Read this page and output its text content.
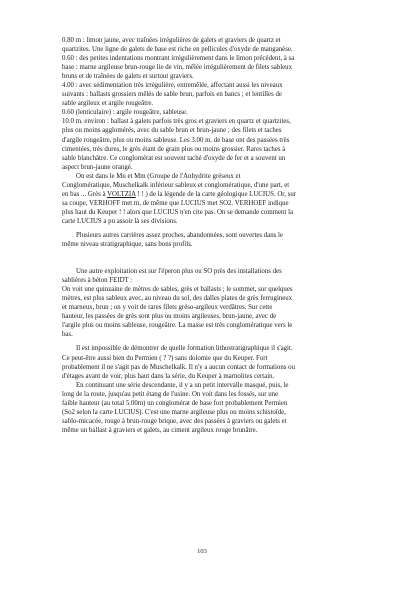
0.80 m : limon jaune, avec traînées irrégulières de galets et graviers de quartz et
quartzites. Une ligne de galets de base est riche en pellicules d'oxyde de manganèse.
0.60 : des petites indentations montrant irrégulièrement dans le limon précédent, à sa
base : marne argileuse brun-rouge lie de vin, mêlée irrégulièrement de filets sableux
bruns et de traînées de galets et surtout graviers.
4.00 : avec sédimentation très irrégulière, entremêlée, affectant aussi les niveaux
suivants : ballasts grossiers mêlés de sable brun, parfois en bancs ; et lentilles de
sable argileux et argile rougeâtre.
0.60 (lenticulaire) : argile rougeâtre, sableuse.
10.0 m. environ : ballast à galets parfois très gros et graviers en quartz et quartzites,
plus ou moins agglomérés, avec du sable brun et brun-jaune ; des filets et taches
d'argile rougeâtre, plus ou moins sableuse. Les 3.00 m. de base ont des passées très
cimentées, très dures, le grès étant de grain plus ou moins grossier. Rares taches à
sable blanchâtre. Ce conglomérat est souvent taché d'oxyde de fer et a souvent un
aspect brun-jaune orangé.
On est dans le Mu et Mm (Groupe de l'Anhydrite gréseux et
Conglomératique, Muschelkalk inférieur sableux et conglomératique, d'une part, et
en bas ... Grès à VOLTZIA ! ! ) de la légende de la carte géologique LUCIUS. Or, sur
sa coupe, VERHOFF met m, de même que LUCIUS met SO2. VERHOEF indique
plus haut du Keuper ! ! alors que LUCIUS n'en cite pas. On se demande comment la
carte LUCIUS a pu assoir là ses divisions.
Plusieurs autres carrières assez proches, abandonnées, sont ouvertes dans le
même niveau stratigraphique, sans bons profils.
Une autre exploitation est sur l'éperon plus ou SO près des installations des
sablières à béton FEIDT :
On voit une quinzaine de mètres de sables, grès et ballasts ; le sommet, sur quelques
mètres, est plus sableux avec, au niveau du sol, des dalles plates de grès ferrugineux
et marneux, brun ; on y voit de rares filets gréso-argileux verdâtres. Sur cette
hauteur, les passées de grès sont plus ou moins argileuses, brun-jaune, avec de
l'argile plus ou moins sableuse, rougeâtre. La masse est très conglomératique vers le
bas.
Il est impossible de démontrer de quelle formation lithostratigraphique il s'agit.
Ce peut-être aussi bien du Permien ( ? ?) sans dolomie que du Keuper. Fort
probablement il ne s'agit pas de Muschelkalk. Il n'y a aucun contact de formations ou
d'étages avant de voir, plus haut dans la série, du Keuper à marnolites certain.
En continuant une série descendante, il y a un petit intervalle masqué, puis, le
long de la route, jusqu'au petit étang de l'usine. On voit dans les fossés, sur une
faible hauteur (au total 5.00m) un conglomérat de base fort probablement Permien
(So2 selon la carte LUCIUS). C'est une marne argileuse plus ou moins schistoïde,
sablo-micacée, rouge à brun-rouge brique, avec des passées à graviers ou galets et
même un ballast à graviers et galets, au ciment argileux rouge brunâtre.
103
